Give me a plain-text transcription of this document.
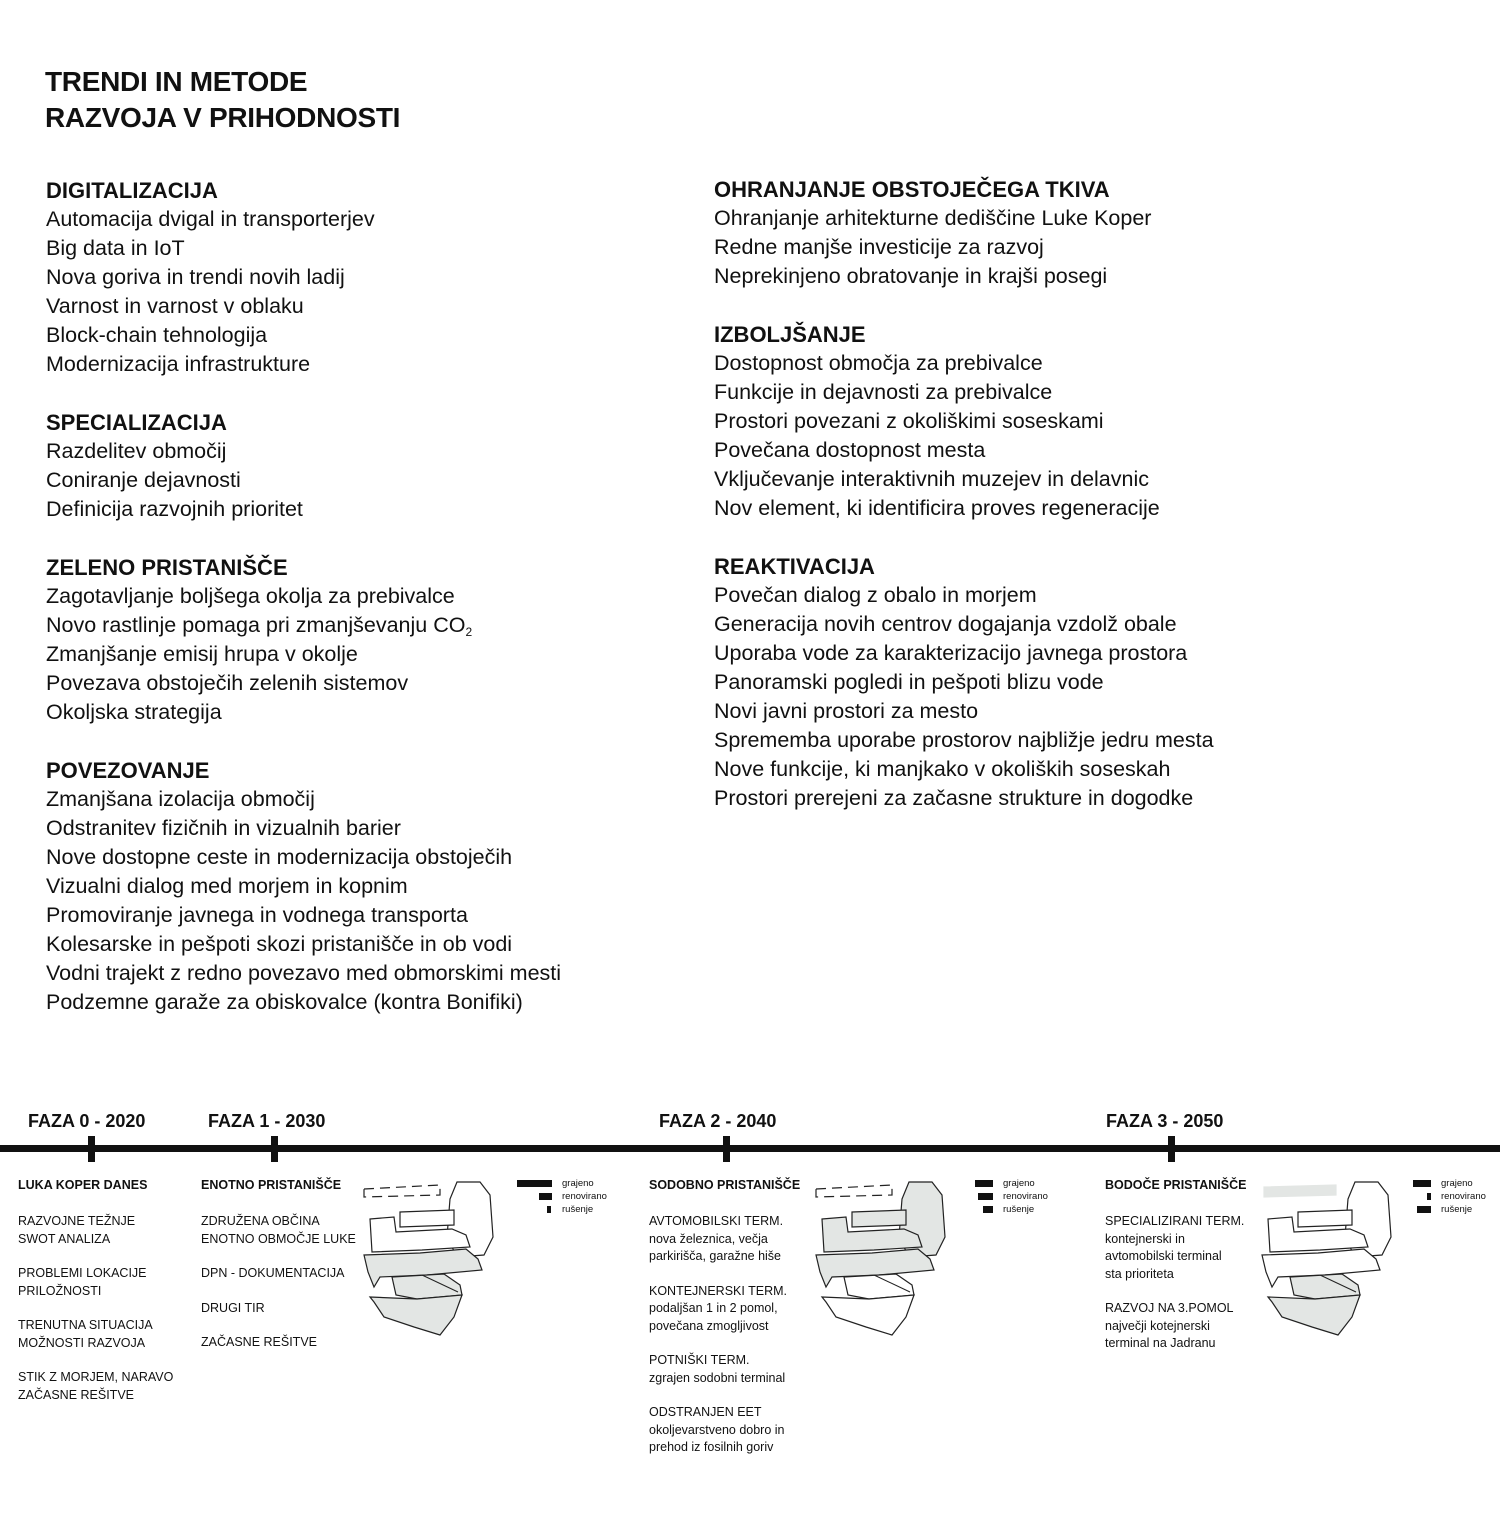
TRENDI IN METODE
RAZVOJA V PRIHODNOSTI
DIGITALIZACIJA
Automacija dvigal in transporterjev
Big data in IoT
Nova goriva in trendi novih ladij
Varnost in varnost v oblaku
Block-chain tehnologija
Modernizacija infrastrukture
SPECIALIZACIJA
Razdelitev območij
Coniranje dejavnosti
Definicija razvojnih prioritet
ZELENO PRISTANIŠČE
Zagotavljanje boljšega okolja za prebivalce
Novo rastlinje pomaga pri zmanjševanju $CO_2$
Zmanjšanje emisij hrupa v okolje
Povezava obstoječih zelenih sistemov
Okoljska strategija
POVEZOVANJE
Zmanjšana izolacija območij
Odstranitev fizičnih in vizualnih barier
Nove dostopne ceste in modernizacija obstoječih
Vizualni dialog med morjem in kopnim
Promoviranje javnega in vodnega transporta
Kolesarske in pešpoti skozi pristanišče in ob vodi
Vodni trajekt z redno povezavo med obmorskimi mesti
Podzemne garaže za obiskovalce (kontra Bonifiki)
OHRANJANJE OBSTOJEČEGA TKIVA
Ohranjanje arhitekturne dediščine Luke Koper
Redne manjše investicije za razvoj
Neprekinjeno obratovanje in krajši posegi
IZBOLJŠANJE
Dostopnost območja za prebivalce
Funkcije in dejavnosti za prebivalce
Prostori povezani z okoliškimi soseskami
Povečana dostopnost mesta
Vključevanje interaktivnih muzejev in delavnic
Nov element, ki identificira proves regeneracije
REAKTIVACIJA
Povečan dialog z obalo in morjem
Generacija novih centrov dogajanja vzdolž obale
Uporaba vode za karakterizacijo javnega prostora
Panoramski pogledi in pešpoti blizu vode
Novi javni prostori za mesto
Sprememba uporabe prostorov najbližje jedru mesta
Nove funkcije, ki manjkako v okoliških soseskah
Prostori prerejeni za začasne strukture in dogodke
FAZA 0 - 2020	FAZA 1 - 2030	FAZA 2 - 2040	FAZA 3 - 2050
LUKA KOPER DANES
RAZVOJNE TEŽNJE
SWOT ANALIZA
PROBLEMI LOKACIJE
PRILOŽNOSTI
TRENUTNA SITUACIJA
MOŽNOSTI RAZVOJA
STIK Z MORJEM, NARAVO
ZAČASNE REŠITVE
ENOTNO PRISTANIŠČE
ZDRUŽENA OBČINA
ENOTNO OBMOČJE LUKE
DPN - DOKUMENTACIJA
DRUGI TIR
ZAČASNE REŠITVE
SODOBNO PRISTANIŠČE
AVTOMOBILSKI TERM.
nova železnica, večja
parkirišča, garažne hiše
KONTEJNERSKI TERM.
podaljšan 1 in 2 pomol,
povečana zmogljivost
POTNIŠKI TERM.
zgrajen sodobni terminal
ODSTRANJEN EET
okoljevarstveno dobro in
prehod iz fosilnih goriv
BODOČE PRISTANIŠČE
SPECIALIZIRANI TERM.
kontejnerski in
avtomobilski terminal
sta prioriteta
RAZVOJ NA 3.POMOL
največji kotejnerski
terminal na Jadranu
grajeno
renovirano
rušenje
grajeno
renovirano
rušenje
grajeno
renovirano
rušenje
